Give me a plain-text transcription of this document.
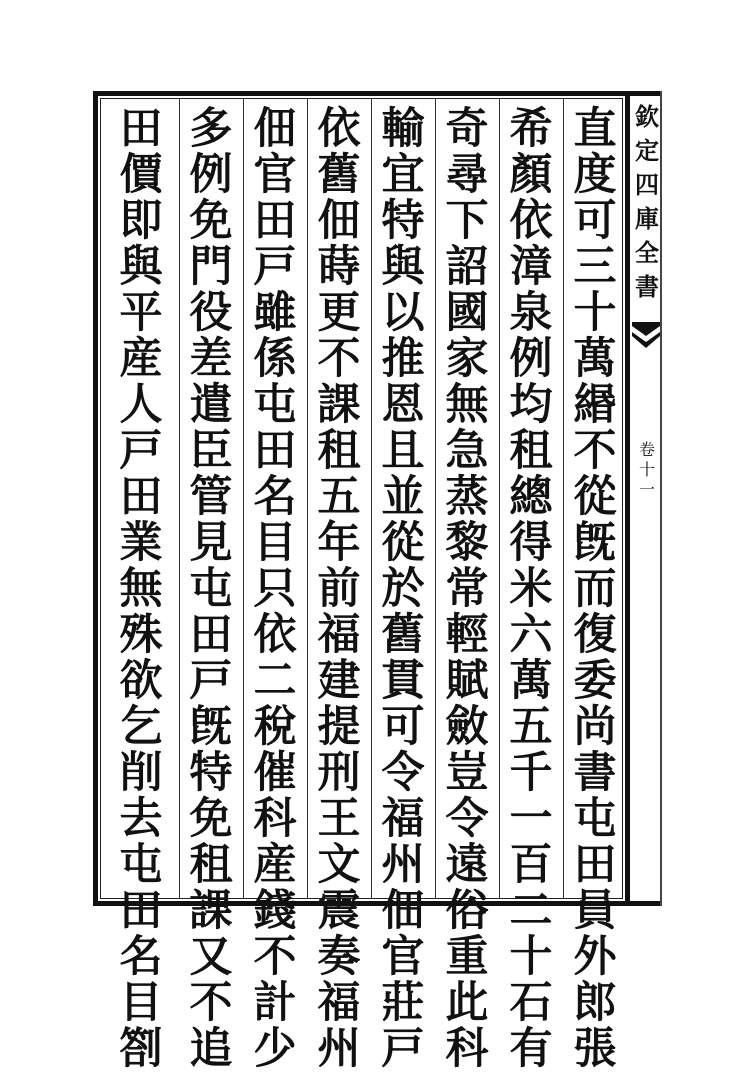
直
度
可
三
十
萬
緡
不
從
旣
而
復
委
尚
書
屯
田
員
外
郎
張
希
顏
依
漳
泉
例
均
租
總
得
米
六
萬
五
千
一
百
二
十
石
有
奇
尋
下
詔
國
家
無
急
蒸
黎
常
輕
賦
斂
豈
令
遠
俗
重
此
科
輸
宜
特
與
以
推
恩
且
並
從
於
舊
貫
可
令
福
州
佃
官
莊
戸
依
舊
佃
蒔
更
不
課
租
五
年
前
福
建
提
刑
王
文
震
奏
福
州
佃
官
田
戸
雖
係
屯
田
名
目
只
依
二
稅
催
科
産
錢
不
計
少
多
例
免
門
役
差
遣
臣
管
見
屯
田
戸
旣
特
免
租
課
又
不
追
田
價
即
與
平
産
人
戸
田
業
無
殊
欲
乞
削
去
屯
田
名
目
劄
欽
定
四
庫
全
書
卷
十
一
